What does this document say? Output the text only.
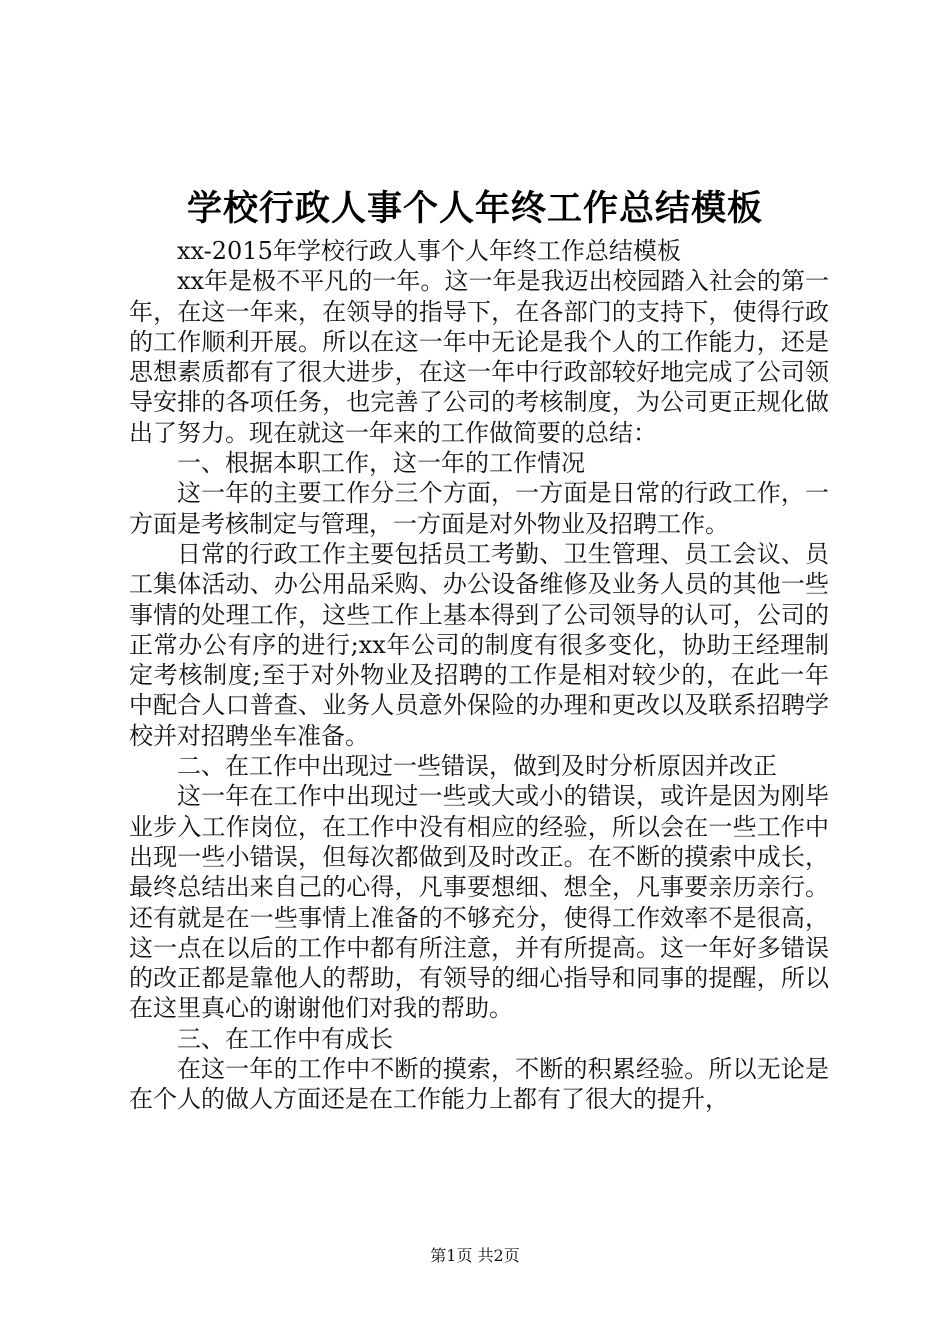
学校行政人事个人年终工作总结模板

xx-2015年学校行政人事个人年终工作总结模板

xx年是极不平凡的一年。这一年是我迈出校园踏入社会的第一年，在这一年来，在领导的指导下，在各部门的支持下，使得行政的工作顺利开展。所以在这一年中无论是我个人的工作能力，还是思想素质都有了很大进步，在这一年中行政部较好地完成了公司领导安排的各项任务，也完善了公司的考核制度，为公司更正规化做出了努力。现在就这一年来的工作做简要的总结：

一、根据本职工作，这一年的工作情况

这一年的主要工作分三个方面，一方面是日常的行政工作，一方面是考核制定与管理，一方面是对外物业及招聘工作。

日常的行政工作主要包括员工考勤、卫生管理、员工会议、员工集体活动、办公用品采购、办公设备维修及业务人员的其他一些事情的处理工作，这些工作上基本得到了公司领导的认可，公司的正常办公有序的进行;xx年公司的制度有很多变化，协助王经理制定考核制度;至于对外物业及招聘的工作是相对较少的，在此一年中配合人口普查、业务人员意外保险的办理和更改以及联系招聘学校并对招聘坐车准备。

二、在工作中出现过一些错误，做到及时分析原因并改正

这一年在工作中出现过一些或大或小的错误，或许是因为刚毕业步入工作岗位，在工作中没有相应的经验，所以会在一些工作中出现一些小错误，但每次都做到及时改正。在不断的摸索中成长，最终总结出来自己的心得，凡事要想细、想全，凡事要亲历亲行。还有就是在一些事情上准备的不够充分，使得工作效率不是很高，这一点在以后的工作中都有所注意，并有所提高。这一年好多错误的改正都是靠他人的帮助，有领导的细心指导和同事的提醒，所以在这里真心的谢谢他们对我的帮助。

三、在工作中有成长

在这一年的工作中不断的摸索，不断的积累经验。所以无论是在个人的做人方面还是在工作能力上都有了很大的提升，

第1页 共2页
